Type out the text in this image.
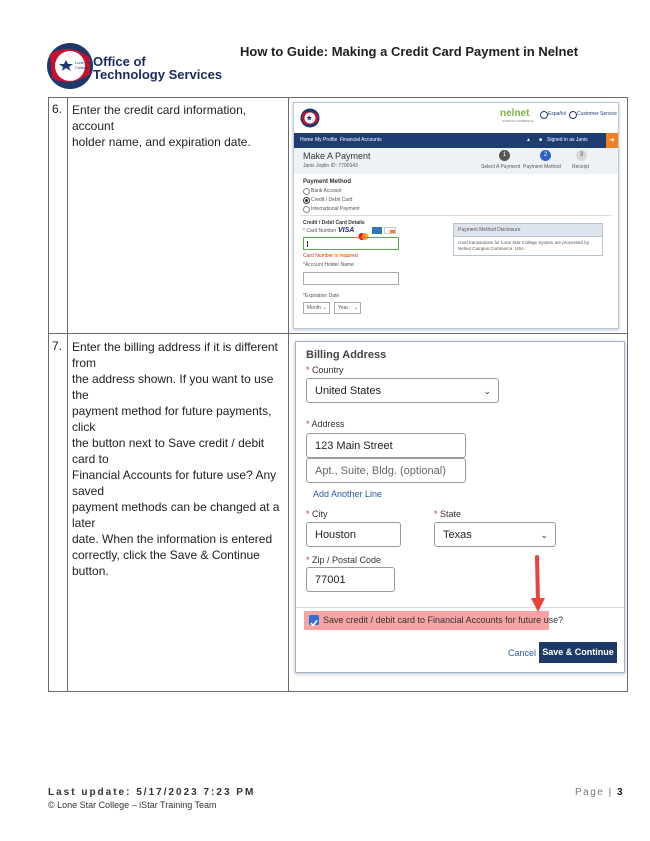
Lone Star
College Office of
Technology Services
How to Guide: Making a Credit Card Payment in Nelnet
6. Enter the credit card information, account
holder name, and expiration date.
7. Enter the billing address if it is different from
the address shown. If you want to use the
payment method for future payments, click
the button next to Save credit / debit card to
Financial Accounts for future use? Any saved
payment methods can be changed at a later
date. When the information is entered
correctly, click the Save & Continue button.
nelnet
CAMPUS COMMERCE
Español Customer Service
Home My Profile Financial Accounts	▲ ■ Signed in as Janis	➜
Make A Payment
Janis Joplin ID: 7700343
1
Select A Payment
2
Payment Method
3
Receipt
Payment Method
Bank Account
Credit / Debit Card
International Payment
Credit / Debit Card Details
* Card Number VISA
Card Number is required
*Account Holder Name
*Expiration Date
Month ⌄	Year ⌄
Payment Method Disclosure
Card transactions for Lone Star College System are processed by Nelnet Campus Commerce, USA.
Billing Address
* Country
United States	⌄
* Address
123 Main Street
Apt., Suite, Bldg. (optional)
Add Another Line
* City
Houston
* State
Texas	⌄
* Zip / Postal Code
77001
Save credit / debit card to Financial Accounts for future use?
Cancel Save & Continue
Last update: 5/17/2023 7:23 PM
© Lone Star College – iStar Training Team
Page | 3
